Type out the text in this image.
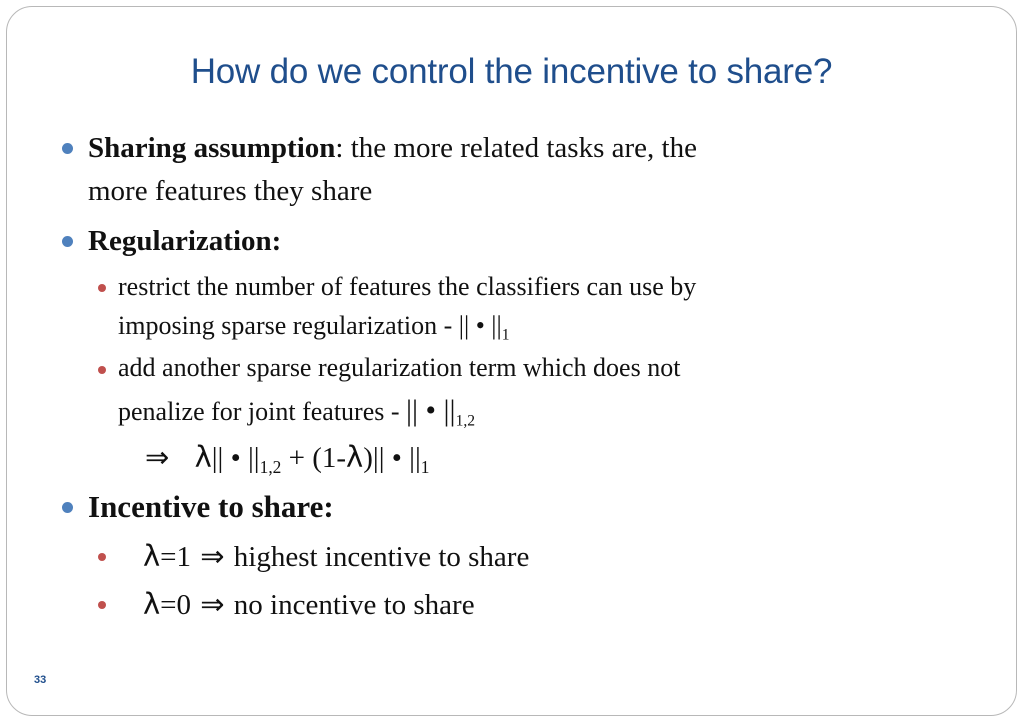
How do we control the incentive to share?
Sharing assumption: the more related tasks are, the
more features they share
Regularization:
restrict the number of features the classifiers can use by
imposing sparse regularization - || • $||_1$
add another sparse regularization term which does not
penalize for joint features - || • $||_{1,2}$
⇒ λ|| • $||_{1,2} + (1-\lambda)||$ • $||_1$
Incentive to share:
λ=1 ⇒ highest incentive to share
λ=0 ⇒ no incentive to share
33
